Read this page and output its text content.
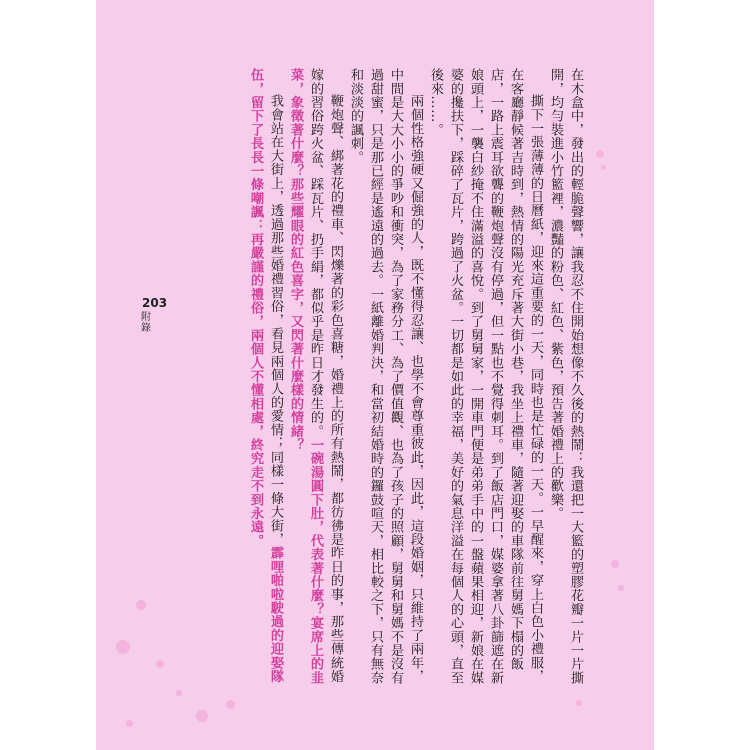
203
附錄	在木盒中，發出的輕脆聲響，讓我忍不住開始想像不久後的熱鬧：我還把一大籃的塑膠花瓣一片一片撕開，均勻裝進小竹籃裡，濃豔的粉色、紅色、紫色，預告著婚禮上的歡樂。

撕下一張薄薄的日曆紙，迎來這重要的一天，同時也是忙碌的一天。一早醒來，穿上白色小禮服，在客廳靜候著吉時到，熱情的陽光充斥著大街小巷，我坐上禮車，隨著迎娶的車隊前往舅媽下榻的飯店，一路上震耳欲聾的鞭炮聲沒有停過，但一點也不覺得刺耳。到了飯店門口，媒婆拿著八卦篩遮在新娘頭上，一襲白紗掩不住滿溢的喜悅。到了舅舅家，一開車門便是弟弟手中的一盤蘋果相迎，新娘在媒婆的攙扶下，踩碎了瓦片，跨過了火盆。一切都是如此的幸福，美好的氣息洋溢在每個人的心頭，直至後來……。

兩個性格強硬又倔強的人，既不懂得忍讓、也學不會尊重彼此，因此，這段婚姻，只維持了兩年，中間是大大小小的爭吵和衝突，為了家務分工、為了價值觀、也為了孩子的照顧，舅舅和舅媽不是沒有過甜蜜，只是那已經是遙遠的過去。一紙離婚判決，和當初結婚時的鑼鼓喧天，相比較之下，只有無奈和淡淡的諷刺。

鞭炮聲、綁著花的禮車、閃爍著的彩色喜糖，婚禮上的所有熱鬧，都彷彿是昨日的事，那些傳統婚嫁的習俗跨火盆、踩瓦片、扔手絹，都似乎是昨日才發生的。一碗湯圓下肚，代表著什麼？宴席上的韭菜，象徵著什麼？那些耀眼的紅色喜字，又閃著什麼樣的情緒？

我會站在大街上，透過那些婚禮習俗，看見兩個人的愛情；同樣一條大街，霹哩啪啦駛過的迎娶隊伍，留下了長長一條嘲諷：再嚴謹的禮俗，兩個人不懂相處，終究走不到永遠。
